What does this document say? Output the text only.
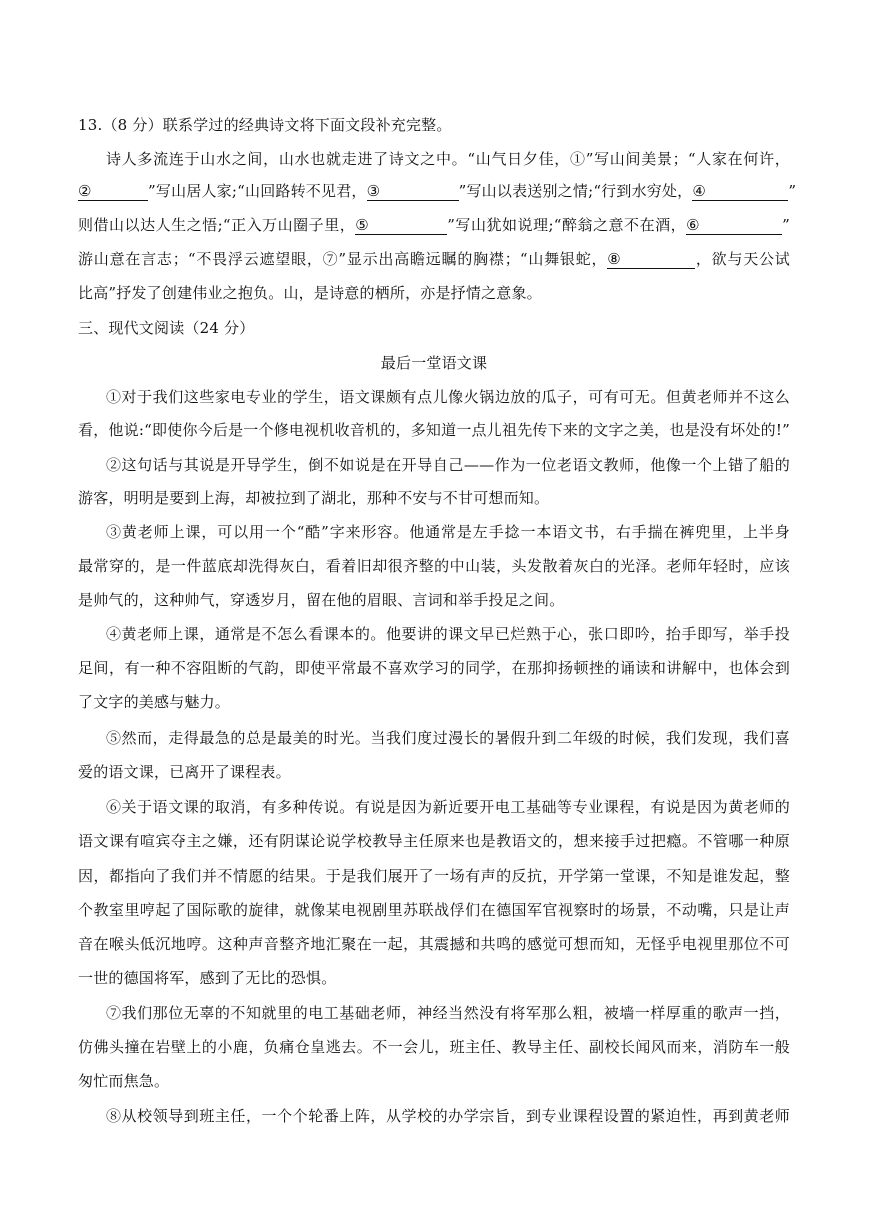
13.（8 分）联系学过的经典诗文将下面文段补充完整。
诗人多流连于山水之间，山水也就走进了诗文之中。“山气日夕佳，①”写山间美景；“人家在何许，
②	”写山居人家;“山回路转不见君，③	”写山以表送别之情;“行到水穷处，④	”
则借山以达人生之悟;“正入万山圈子里，⑤	”写山犹如说理;“醉翁之意不在酒，⑥	”
游山意在言志；“不畏浮云遮望眼，⑦”显示出高瞻远瞩的胸襟；“山舞银蛇，⑧	，欲与天公试
比高”抒发了创建伟业之抱负。山，是诗意的栖所，亦是抒情之意象。
三、现代文阅读（24 分）
最后一堂语文课
①对于我们这些家电专业的学生，语文课颇有点儿像火锅边放的瓜子，可有可无。但黄老师并不这么
看，他说:“即使你今后是一个修电视机收音机的，多知道一点儿祖先传下来的文字之美，也是没有坏处的!”
②这句话与其说是开导学生，倒不如说是在开导自己——作为一位老语文教师，他像一个上错了船的
游客，明明是要到上海，却被拉到了湖北，那种不安与不甘可想而知。
③黄老师上课，可以用一个“酷”字来形容。他通常是左手捻一本语文书，右手揣在裤兜里，上半身
最常穿的，是一件蓝底却洗得灰白，看着旧却很齐整的中山装，头发散着灰白的光泽。老师年轻时，应该
是帅气的，这种帅气，穿透岁月，留在他的眉眼、言词和举手投足之间。
④黄老师上课，通常是不怎么看课本的。他要讲的课文早已烂熟于心，张口即吟，抬手即写，举手投
足间，有一种不容阻断的气韵，即使平常最不喜欢学习的同学，在那抑扬顿挫的诵读和讲解中，也体会到
了文字的美感与魅力。
⑤然而，走得最急的总是最美的时光。当我们度过漫长的暑假升到二年级的时候，我们发现，我们喜
爱的语文课，已离开了课程表。
⑥关于语文课的取消，有多种传说。有说是因为新近要开电工基础等专业课程，有说是因为黄老师的
语文课有喧宾夺主之嫌，还有阴谋论说学校教导主任原来也是教语文的，想来接手过把瘾。不管哪一种原
因，都指向了我们并不情愿的结果。于是我们展开了一场有声的反抗，开学第一堂课，不知是谁发起，整
个教室里哼起了国际歌的旋律，就像某电视剧里苏联战俘们在德国军官视察时的场景，不动嘴，只是让声
音在喉头低沉地哼。这种声音整齐地汇聚在一起，其震撼和共鸣的感觉可想而知，无怪乎电视里那位不可
一世的德国将军，感到了无比的恐惧。
⑦我们那位无辜的不知就里的电工基础老师，神经当然没有将军那么粗，被墙一样厚重的歌声一挡，
仿佛头撞在岩壁上的小鹿，负痛仓皇逃去。不一会儿，班主任、教导主任、副校长闻风而来，消防车一般
匆忙而焦急。
⑧从校领导到班主任，一个个轮番上阵，从学校的办学宗旨，到专业课程设置的紧迫性，再到黄老师
